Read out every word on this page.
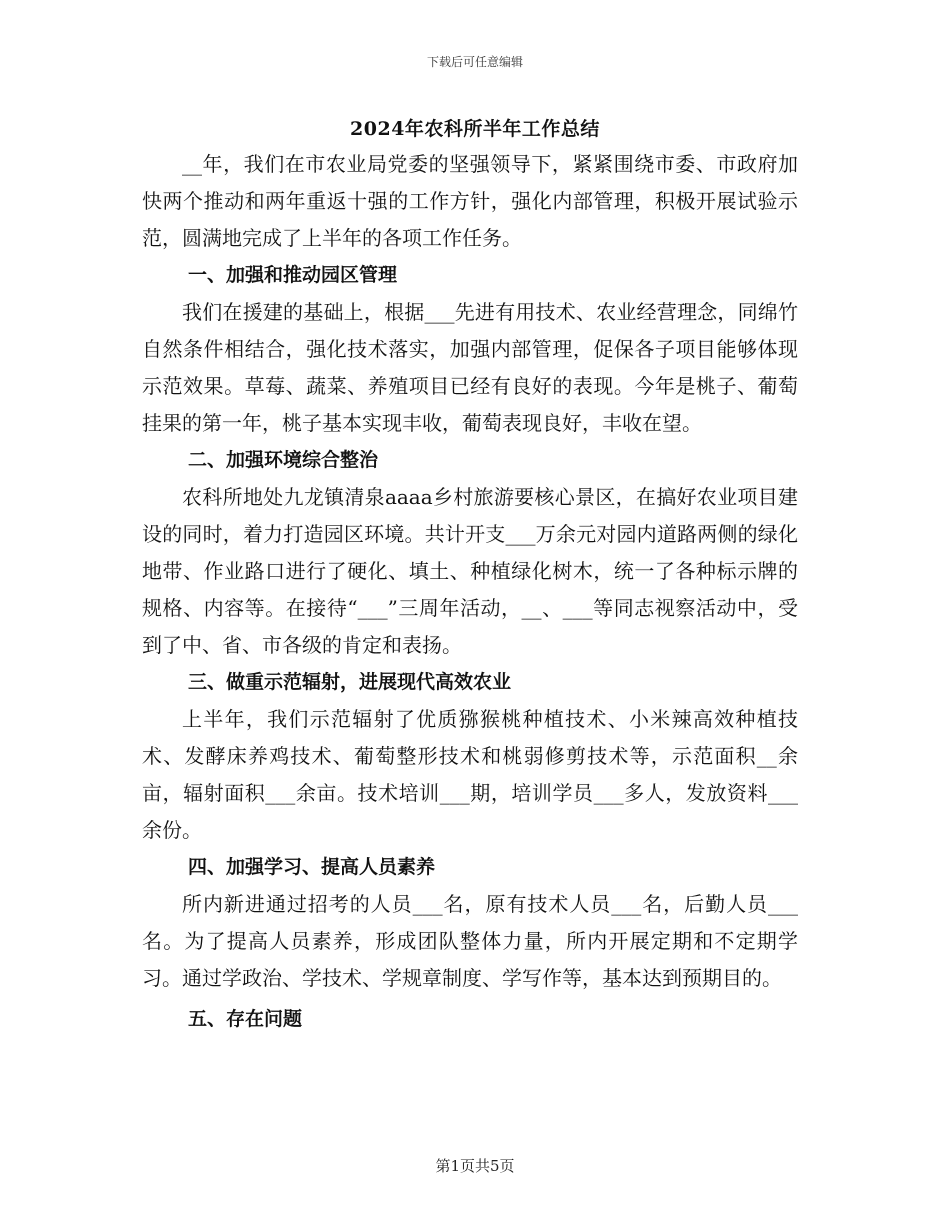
下载后可任意编辑
2024年农科所半年工作总结

__年，我们在市农业局党委的坚强领导下，紧紧围绕市委、市政府加快两个推动和两年重返十强的工作方针，强化内部管理，积极开展试验示范，圆满地完成了上半年的各项工作任务。

一、加强和推动园区管理

我们在援建的基础上，根据___先进有用技术、农业经营理念，同绵竹自然条件相结合，强化技术落实，加强内部管理，促保各子项目能够体现示范效果。草莓、蔬菜、养殖项目已经有良好的表现。今年是桃子、葡萄挂果的第一年，桃子基本实现丰收，葡萄表现良好，丰收在望。

二、加强环境综合整治

农科所地处九龙镇清泉aaaa乡村旅游要核心景区，在搞好农业项目建设的同时，着力打造园区环境。共计开支___万余元对园内道路两侧的绿化地带、作业路口进行了硬化、填土、种植绿化树木，统一了各种标示牌的规格、内容等。在接待“___”三周年活动，__、___等同志视察活动中，受到了中、省、市各级的肯定和表扬。

三、做重示范辐射，进展现代高效农业

上半年，我们示范辐射了优质猕猴桃种植技术、小米辣高效种植技术、发酵床养鸡技术、葡萄整形技术和桃弱修剪技术等，示范面积__余亩，辐射面积___余亩。技术培训___期，培训学员___多人，发放资料___余份。

四、加强学习、提高人员素养

所内新进通过招考的人员___名，原有技术人员___名，后勤人员___名。为了提高人员素养，形成团队整体力量，所内开展定期和不定期学习。通过学政治、学技术、学规章制度、学写作等，基本达到预期目的。

五、存在问题

第1页共5页
